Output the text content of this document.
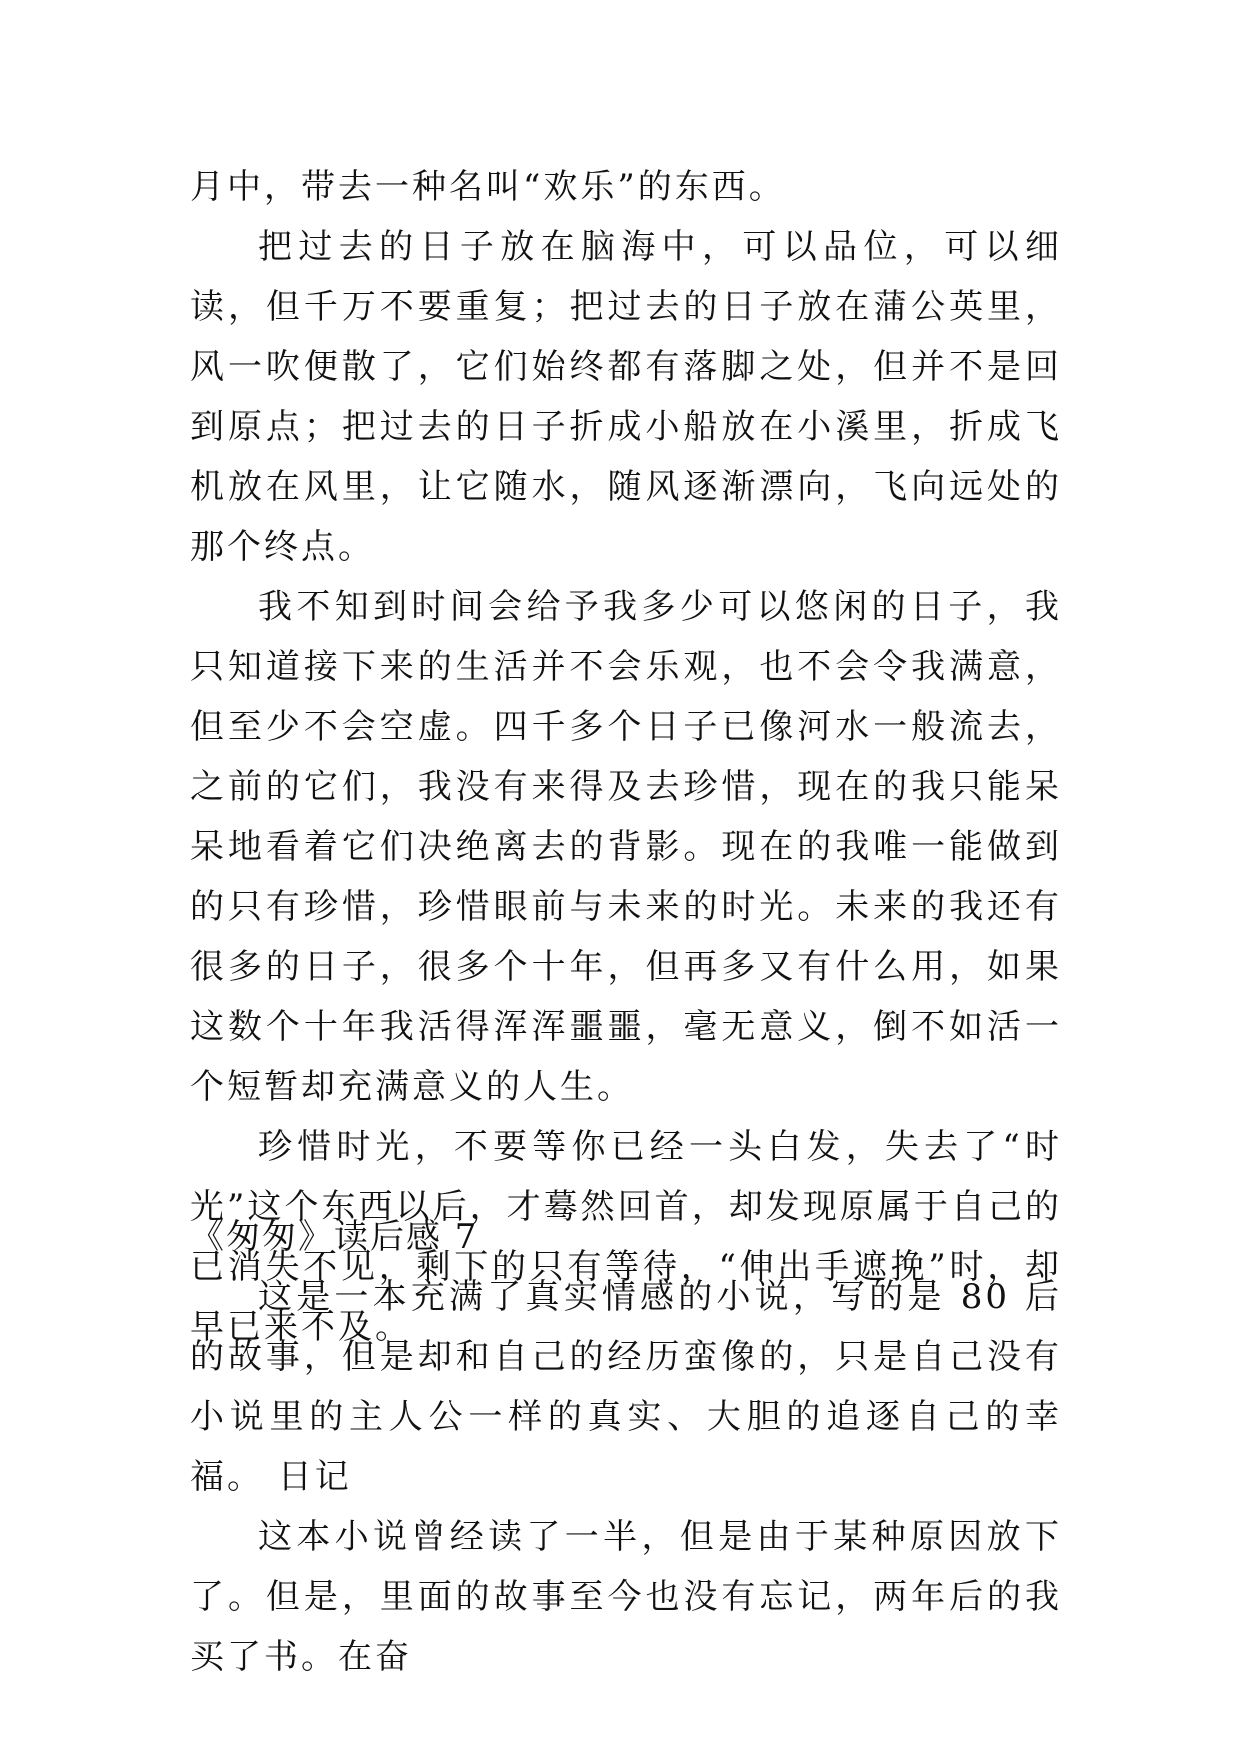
月中，带去一种名叫“欢乐”的东西。

把过去的日子放在脑海中，可以品位，可以细读，但千万不要重复；把过去的日子放在蒲公英里，风一吹便散了，它们始终都有落脚之处，但并不是回到原点；把过去的日子折成小船放在小溪里，折成飞机放在风里，让它随水，随风逐渐漂向，飞向远处的那个终点。

我不知到时间会给予我多少可以悠闲的日子，我只知道接下来的生活并不会乐观，也不会令我满意，但至少不会空虚。四千多个日子已像河水一般流去，之前的它们，我没有来得及去珍惜，现在的我只能呆呆地看着它们决绝离去的背影。现在的我唯一能做到的只有珍惜，珍惜眼前与未来的时光。未来的我还有很多的日子，很多个十年，但再多又有什么用，如果这数个十年我活得浑浑噩噩，毫无意义，倒不如活一个短暂却充满意义的人生。

珍惜时光，不要等你已经一头白发，失去了“时光”这个东西以后，才蓦然回首，却发现原属于自己的已消失不见，剩下的只有等待，“伸出手遮挽”时，却早已来不及。

《匆匆》读后感 7

这是一本充满了真实情感的小说，写的是 80 后的故事，但是却和自己的经历蛮像的，只是自己没有小说里的主人公一样的真实、大胆的追逐自己的幸福。 日记

这本小说曾经读了一半，但是由于某种原因放下了。但是，里面的故事至今也没有忘记，两年后的我买了书。在奋
